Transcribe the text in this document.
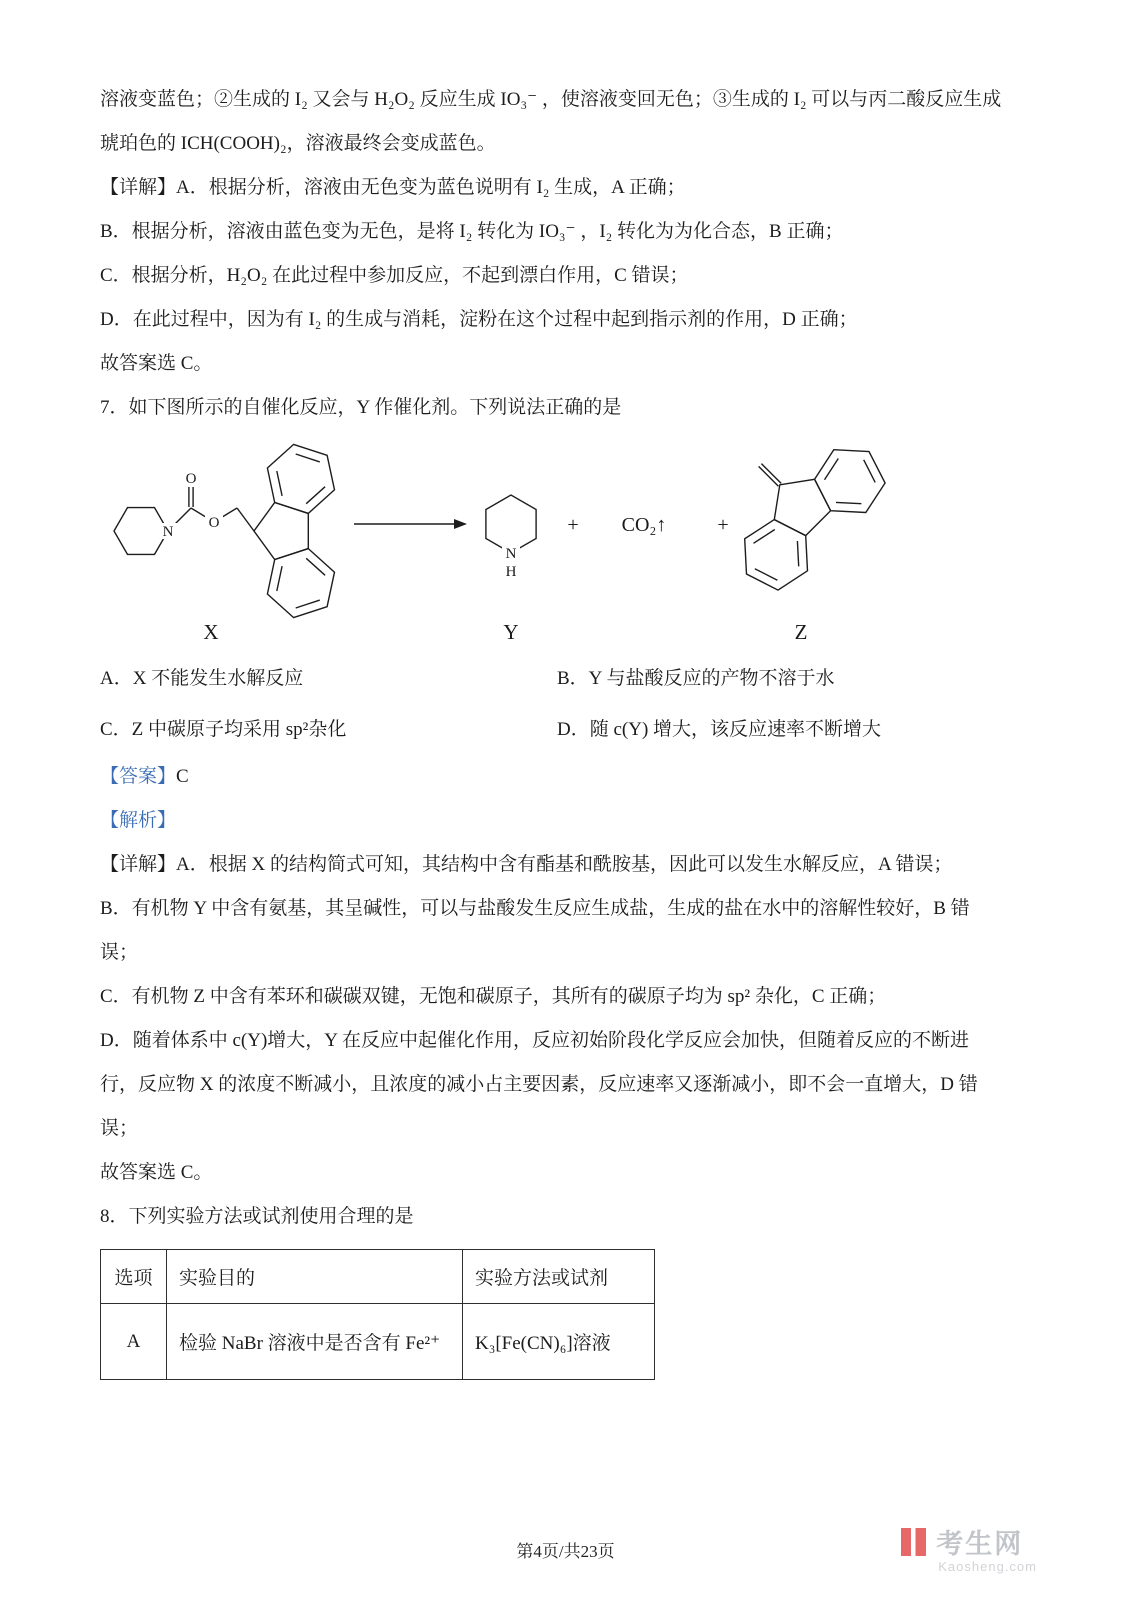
溶液变蓝色；②生成的 I₂ 又会与 H₂O₂ 反应生成 IO₃⁻ ，使溶液变回无色；③生成的 I₂ 可以与丙二酸反应生成

琥珀色的 ICH(COOH)₂，溶液最终会变成蓝色。

【详解】A．根据分析，溶液由无色变为蓝色说明有 I₂ 生成，A 正确；

B．根据分析，溶液由蓝色变为无色，是将 I₂ 转化为 IO₃⁻ ，I₂ 转化为为化合态，B 正确；

C．根据分析，H₂O₂ 在此过程中参加反应，不起到漂白作用，C 错误；

D．在此过程中，因为有 I₂ 的生成与消耗，淀粉在这个过程中起到指示剂的作用，D 正确；

故答案选 C。

7．如下图所示的自催化反应，Y 作催化剂。下列说法正确的是

N
O
O
N
H
+ CO₂↑	+
X	Y	Z

A．X 不能发生水解反应	B．Y 与盐酸反应的产物不溶于水

C．Z 中碳原子均采用 sp²杂化	D．随 c(Y) 增大，该反应速率不断增大

【答案】C

【解析】

【详解】A．根据 X 的结构简式可知，其结构中含有酯基和酰胺基，因此可以发生水解反应，A 错误；

B．有机物 Y 中含有氨基，其呈碱性，可以与盐酸发生反应生成盐，生成的盐在水中的溶解性较好，B 错

误；

C．有机物 Z 中含有苯环和碳碳双键，无饱和碳原子，其所有的碳原子均为 sp² 杂化，C 正确；

D．随着体系中 c(Y)增大，Y 在反应中起催化作用，反应初始阶段化学反应会加快，但随着反应的不断进

行，反应物 X 的浓度不断减小，且浓度的减小占主要因素，反应速率又逐渐减小，即不会一直增大，D 错

误；

故答案选 C。

8．下列实验方法或试剂使用合理的是

选项	实验目的	实验方法或试剂
A	检验 NaBr 溶液中是否含有 Fe²⁺	K₃[Fe(CN)₆]溶液
第4页/共23页	考生网
Kaosheng.com
